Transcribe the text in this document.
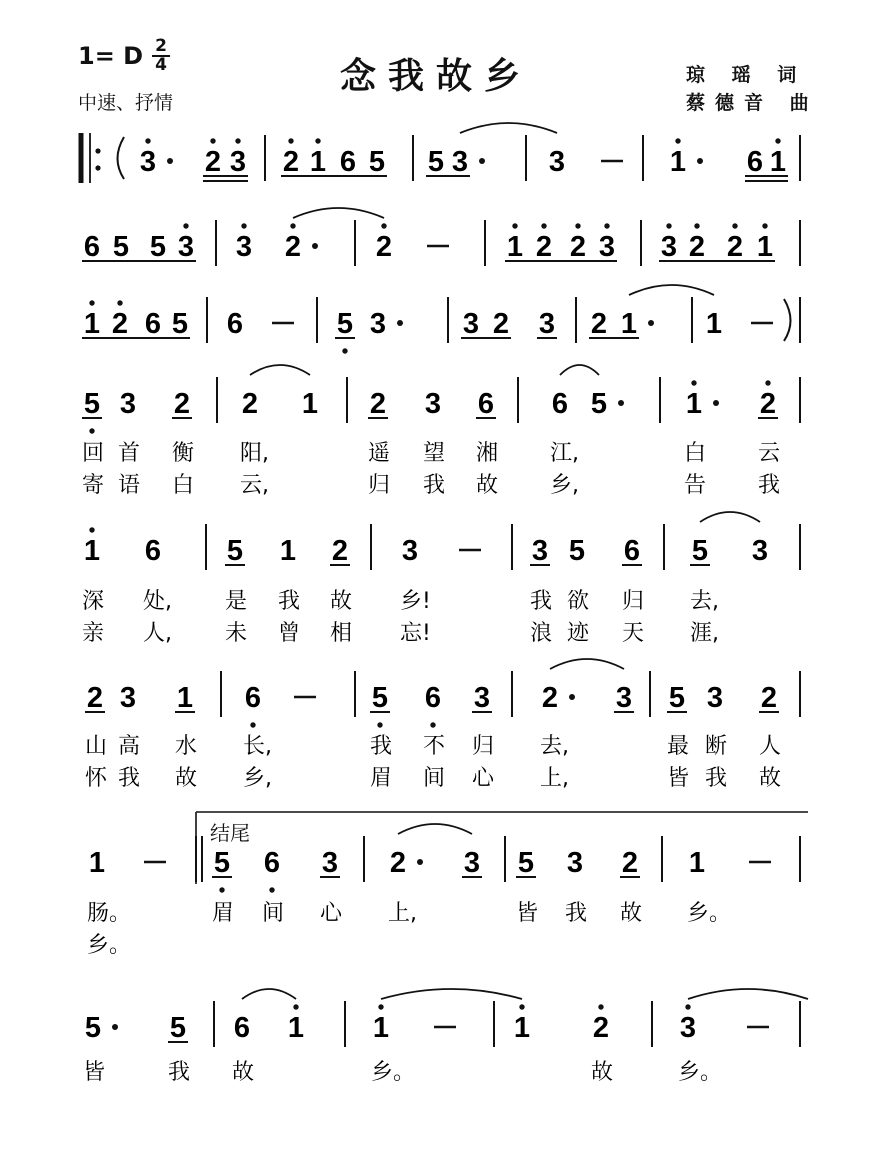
1= D 2
4
中速、抒情
念我故乡	琼 瑶 词
蔡德音 曲
结尾
3 2 3 2 1 6 5 5 3	3	1 6 1
6 5 5 3 3 2	2	1 2 2 3 3 2 2 1
1 2 6 5 6	5 3	3 2 3 2 1 1
5 3 2 2 1 2 3 6 6 5	1 2
回 首 衡 阳,	遥 望 湘 江,	白 云
寄 语 白 云,	归 我 故 乡,	告 我
1 6 5 1 2 3	3 5 6 5 3
深 处, 是 我 故 乡!	我 欲 归 去,
亲 人, 未 曾 相 忘!	浪 迹 天 涯,
2 3 1 6	5 6 3 2 3 5 3 2
山 高 水 长,	我 不 归 去,	最 断 人
怀 我 故 乡,	眉 间 心 上,	皆 我 故
1	5 6 3 2 3 5 3 2 1
肠。	眉 间 心 上,	皆 我 故 乡。
乡。
5 5 6 1 1	1 2 3
皆	我 故	乡。	故	乡。
